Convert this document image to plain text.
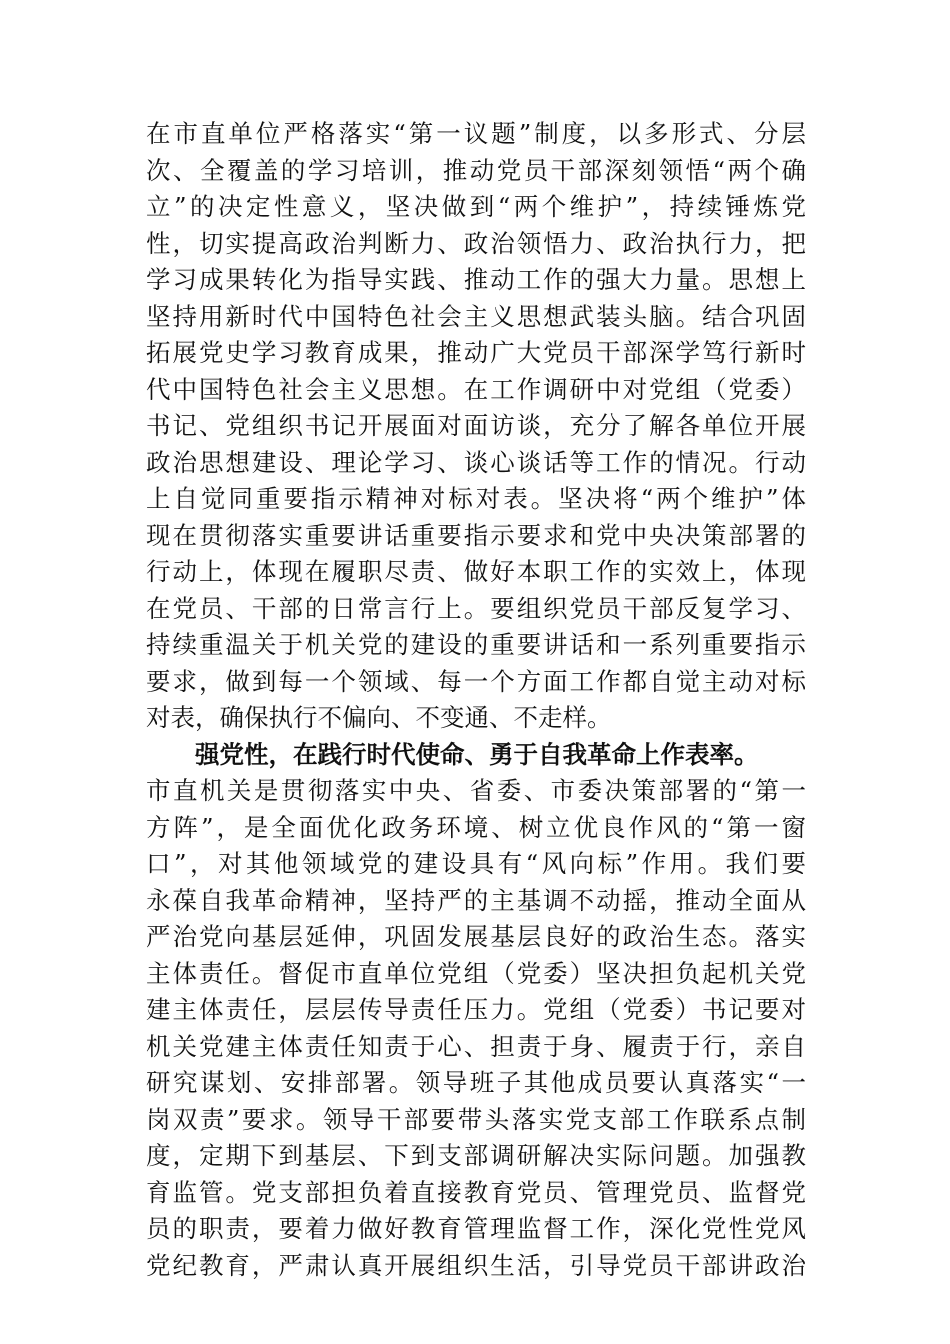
在市直单位严格落实“第一议题”制度，以多形式、分层
次、全覆盖的学习培训，推动党员干部深刻领悟“两个确
立”的决定性意义，坚决做到“两个维护”，持续锤炼党
性，切实提高政治判断力、政治领悟力、政治执行力，把
学习成果转化为指导实践、推动工作的强大力量。思想上
坚持用新时代中国特色社会主义思想武装头脑。结合巩固
拓展党史学习教育成果，推动广大党员干部深学笃行新时
代中国特色社会主义思想。在工作调研中对党组（党委）
书记、党组织书记开展面对面访谈，充分了解各单位开展
政治思想建设、理论学习、谈心谈话等工作的情况。行动
上自觉同重要指示精神对标对表。坚决将“两个维护”体
现在贯彻落实重要讲话重要指示要求和党中央决策部署的
行动上，体现在履职尽责、做好本职工作的实效上，体现
在党员、干部的日常言行上。要组织党员干部反复学习、
持续重温关于机关党的建设的重要讲话和一系列重要指示
要求，做到每一个领域、每一个方面工作都自觉主动对标
对表，确保执行不偏向、不变通、不走样。
强党性，在践行时代使命、勇于自我革命上作表率。
市直机关是贯彻落实中央、省委、市委决策部署的“第一
方阵”，是全面优化政务环境、树立优良作风的“第一窗
口”，对其他领域党的建设具有“风向标”作用。我们要
永葆自我革命精神，坚持严的主基调不动摇，推动全面从
严治党向基层延伸，巩固发展基层良好的政治生态。落实
主体责任。督促市直单位党组（党委）坚决担负起机关党
建主体责任，层层传导责任压力。党组（党委）书记要对
机关党建主体责任知责于心、担责于身、履责于行，亲自
研究谋划、安排部署。领导班子其他成员要认真落实“一
岗双责”要求。领导干部要带头落实党支部工作联系点制
度，定期下到基层、下到支部调研解决实际问题。加强教
育监管。党支部担负着直接教育党员、管理党员、监督党
员的职责，要着力做好教育管理监督工作，深化党性党风
党纪教育，严肃认真开展组织生活，引导党员干部讲政治
